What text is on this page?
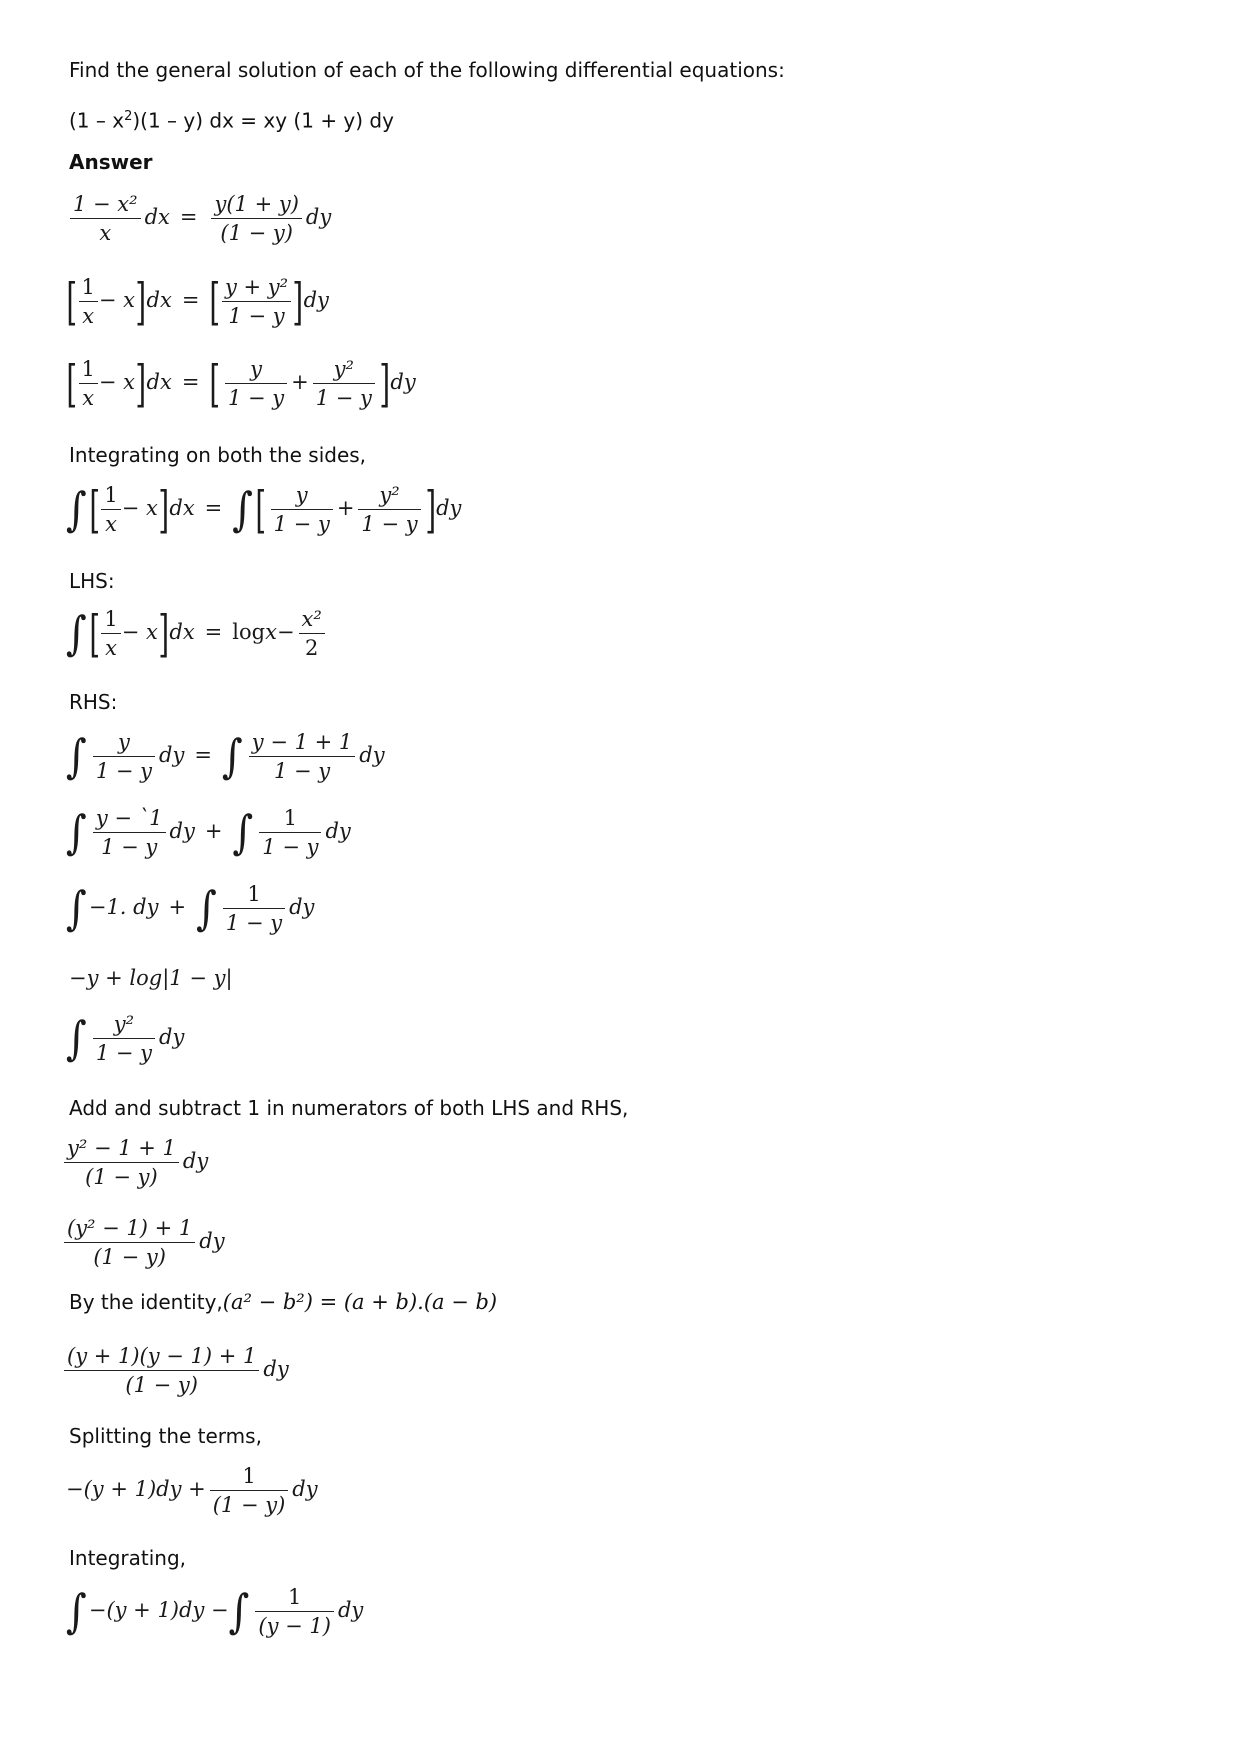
Find the general solution of each of the following differential equations:
$(1 - x^2)(1 - y)$ dx = xy (1 + y) dy
Answer
$\frac{\text{1 − x²}}{x}$ dx = $\frac{y(1 + y)}{(1 - y)}$ dy
[ $\frac{1}{x} - x]dx$ = [ $\frac{\text{y + y²}}{1 - y} ]dy$
[ $\frac{1}{x} - x]dx$ = [ $\frac{y}{1 - y} + \frac{\text{y²}}{1 - y} ]dy$
Integrating on both the sides,
∫[ $\frac{1}{x} - x]dx$ = ∫[ $\frac{y}{1 - y} + \frac{\text{y²}}{1 - y} ]dy$
LHS:
∫[ $\frac{1}{x} - x]dx = \log x- \frac{\text{x²}}{2}$
RHS:
∫ $\frac{y}{1 - y}$ dy = ∫ $\frac{y - 1 + 1}{1 - y}$ dy
∫ $\frac{y - `1}{1 - y}$ dy + ∫ $\frac{1}{1 - y}$ dy
∫−1. dy + ∫ $\frac{1}{1 - y}$ dy
−y + log|1 − y|
∫ $\frac{\text{y²}}{1 - y}$ dy
Add and subtract 1 in numerators of both LHS and RHS,
$\frac{\text{y² − 1 + 1}}{(1 - y)}$ dy
$\frac{\text{(y² − 1) + 1}}{(1 - y)}$ dy
By the identity,(a² − b²) = (a + b).(a − b)
$\frac{(y + 1)(y - 1) + 1}{(1 - y)}$ dy
Splitting the terms,
$-(y + 1)dy + \frac{1}{(1 - y)}$ dy
Integrating,
∫−(y + 1)dy −∫ $\frac{1}{(y - 1)}$ dy
